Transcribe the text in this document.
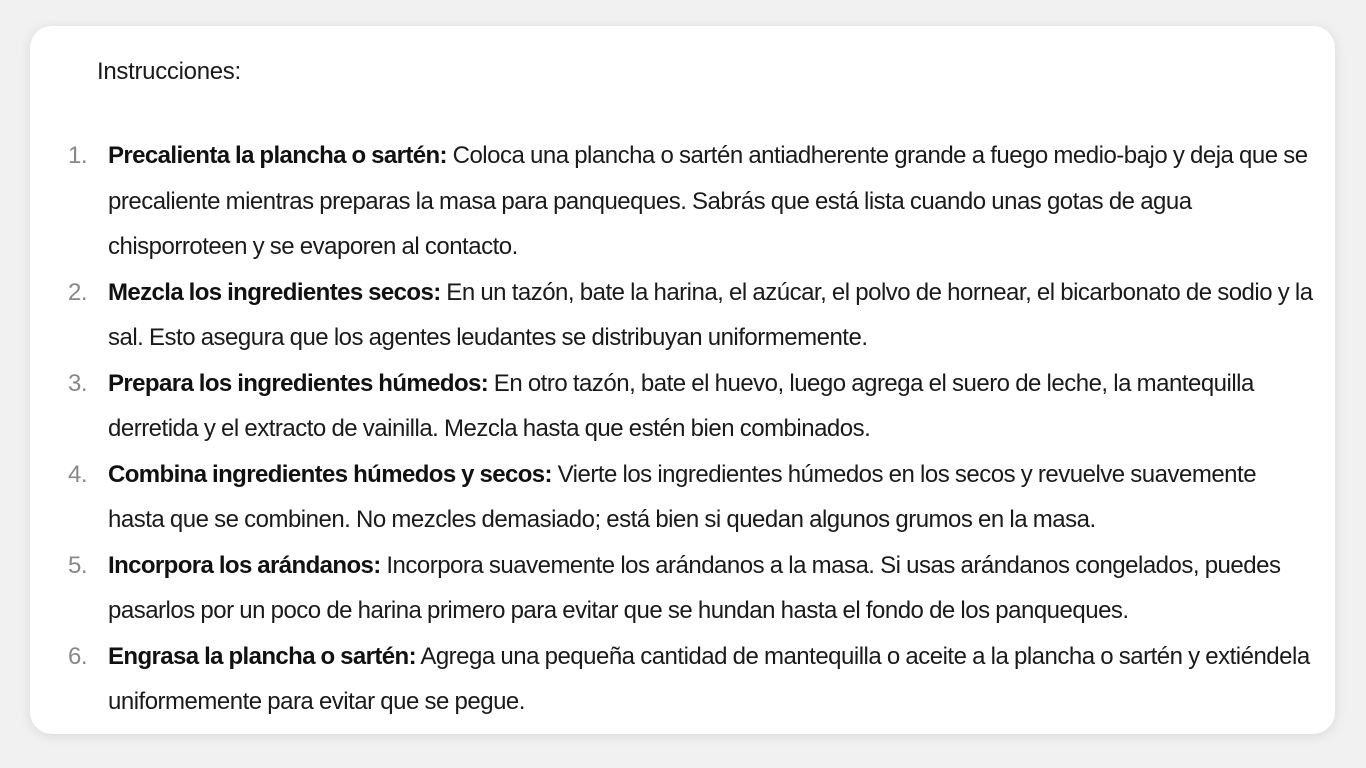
Instrucciones:

1. Precalienta la plancha o sartén: Coloca una plancha o sartén antiadherente grande a fuego medio-bajo y deja que se precaliente mientras preparas la masa para panqueques. Sabrás que está lista cuando unas gotas de agua chisporroteen y se evaporen al contacto.
2. Mezcla los ingredientes secos: En un tazón, bate la harina, el azúcar, el polvo de hornear, el bicarbonato de sodio y la sal. Esto asegura que los agentes leudantes se distribuyan uniformemente.
3. Prepara los ingredientes húmedos: En otro tazón, bate el huevo, luego agrega el suero de leche, la mantequilla derretida y el extracto de vainilla. Mezcla hasta que estén bien combinados.
4. Combina ingredientes húmedos y secos: Vierte los ingredientes húmedos en los secos y revuelve suavemente hasta que se combinen. No mezcles demasiado; está bien si quedan algunos grumos en la masa.
5. Incorpora los arándanos: Incorpora suavemente los arándanos a la masa. Si usas arándanos congelados, puedes pasarlos por un poco de harina primero para evitar que se hundan hasta el fondo de los panqueques.
6. Engrasa la plancha o sartén: Agrega una pequeña cantidad de mantequilla o aceite a la plancha o sartén y extiéndela uniformemente para evitar que se pegue.
